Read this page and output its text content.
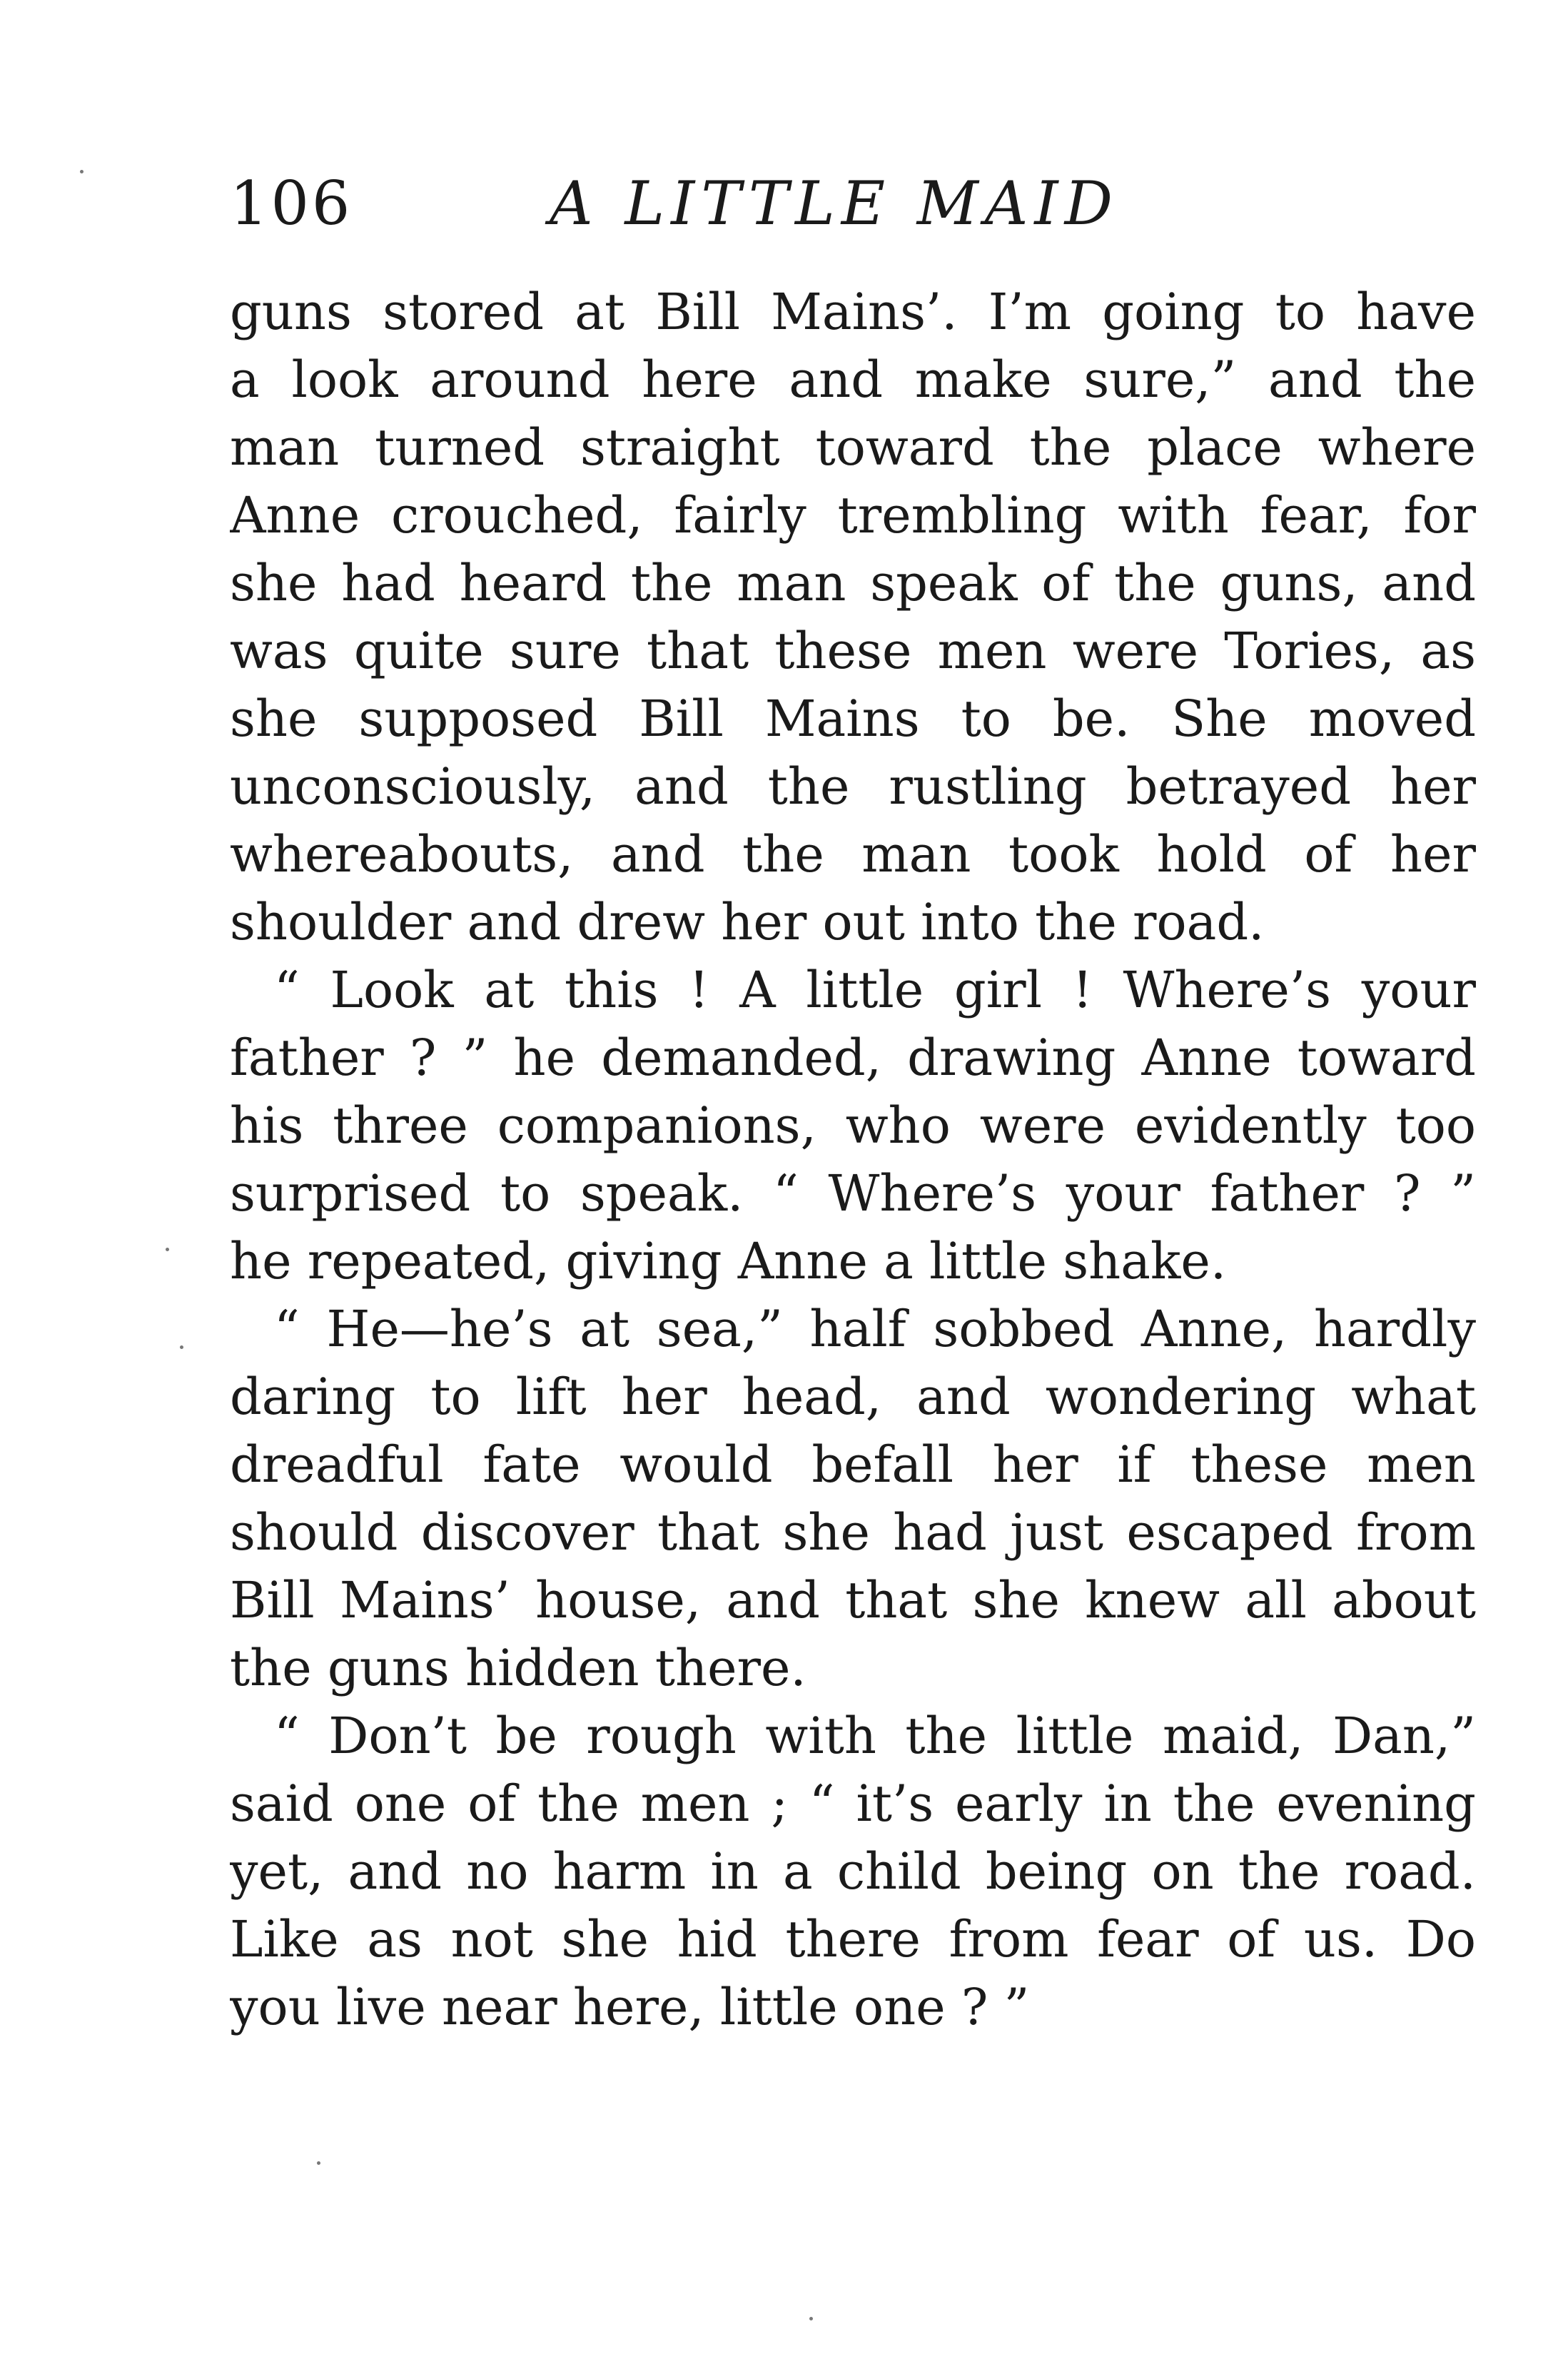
106	A LITTLE MAID
guns stored at Bill Mains’. I’m going to have
a look around here and make sure,” and the
man turned straight toward the place where
Anne crouched, fairly trembling with fear, for
she had heard the man speak of the guns, and
was quite sure that these men were Tories, as
she supposed Bill Mains to be. She moved
unconsciously, and the rustling betrayed her
whereabouts, and the man took hold of her
shoulder and drew her out into the road.
“ Look at this ! A little girl ! Where’s your
father ? ” he demanded, drawing Anne toward
his three companions, who were evidently too
surprised to speak. “ Where’s your father ? ”
he repeated, giving Anne a little shake.
“ He—he’s at sea,” half sobbed Anne, hardly
daring to lift her head, and wondering what
dreadful fate would befall her if these men
should discover that she had just escaped from
Bill Mains’ house, and that she knew all about
the guns hidden there.
“ Don’t be rough with the little maid, Dan,”
said one of the men ; “ it’s early in the evening
yet, and no harm in a child being on the road.
Like as not she hid there from fear of us. Do
you live near here, little one ? ”
